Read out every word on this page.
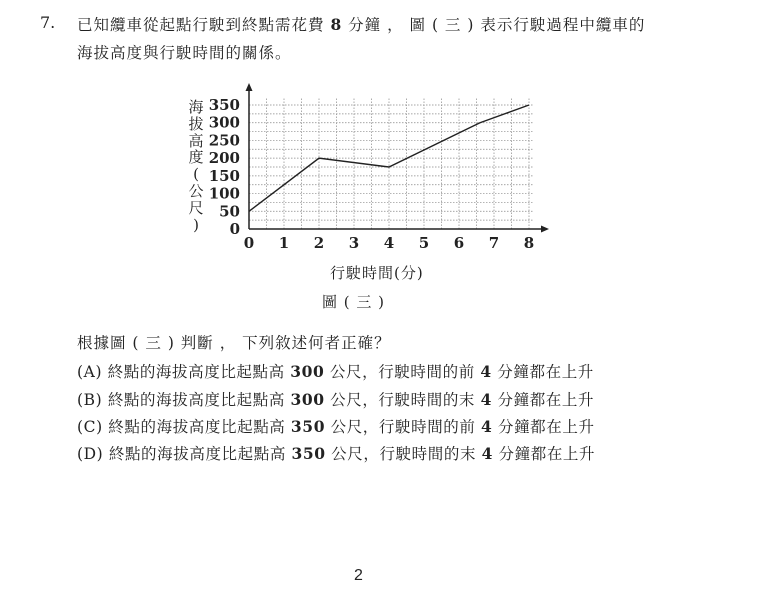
7. 已知纜車從起點行駛到終點需花費 8 分鐘 ， 圖 ( 三 ) 表示行駛過程中纜車的
海拔高度與行駛時間的關係。
海
拔
高
度
(
公
尺
)	0
50
100
150
200
250
300
350
0 1 2 3 4 5 6 7 8
行駛時間(分)
圖 ( 三 )
根據圖 ( 三 ) 判斷 ， 下列敘述何者正確？
(A) 終點的海拔高度比起點高 300 公尺，行駛時間的前 4 分鐘都在上升
(B) 終點的海拔高度比起點高 300 公尺，行駛時間的末 4 分鐘都在上升
(C) 終點的海拔高度比起點高 350 公尺，行駛時間的前 4 分鐘都在上升
(D) 終點的海拔高度比起點高 350 公尺，行駛時間的末 4 分鐘都在上升
2
